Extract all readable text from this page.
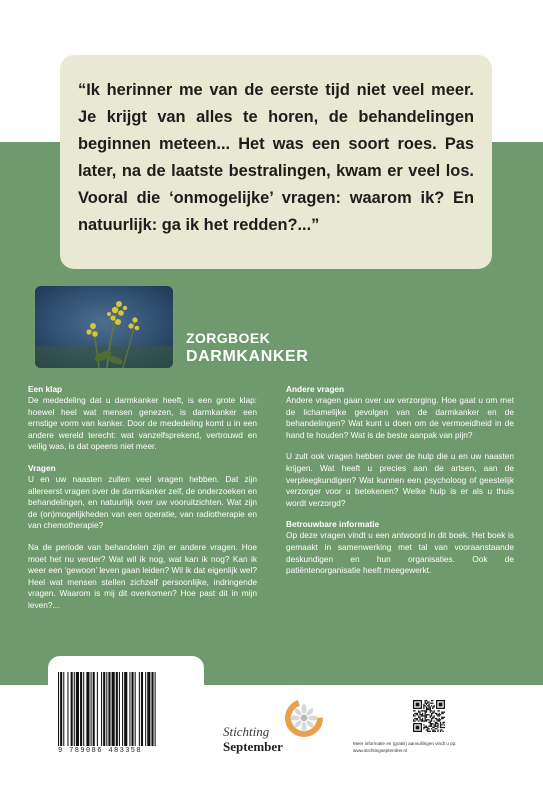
“Ik herinner me van de eerste tijd niet veel meer. Je krijgt van alles te horen, de behandelingen beginnen meteen... Het was een soort roes. Pas later, na de laatste bestralingen, kwam er veel los. Vooral die ‘onmogelijke’ vragen: waarom ik? En natuurlijk: ga ik het redden?...”

ZORGBOEK
DARMKANKER
Een klap

De mededeling dat u darmkanker heeft, is een grote klap: hoewel heel wat mensen genezen, is darmkanker een ernstige vorm van kanker. Door de mededeling komt u in een andere wereld terecht: wat vanzelfsprekend, vertrouwd en veilig was, is dat opeens niet meer.

Vragen

U en uw naasten zullen veel vragen hebben. Dat zijn allereerst vragen over de darmkanker zelf, de onderzoeken en behandelingen, en natuurlijk over uw vooruitzichten. Wat zijn de (on)mogelijkheden van een operatie, van radiotherapie en van chemotherapie?

Na de periode van behandelen zijn er andere vragen. Hoe moet het nu verder? Wat wil ik nog, wat kan ik nog? Kan ik weer een ‘gewoon’ leven gaan leiden? Wil ik dat eigenlijk wel? Heel wat mensen stellen zichzelf persoonlijke, indringende vragen. Waarom is mij dit overkomen? Hoe past dit in mijn leven?...

Andere vragen

Andere vragen gaan over uw verzorging. Hoe gaat u om met de lichamelijke gevolgen van de darmkanker en de behandelingen? Wat kunt u doen om de vermoeidheid in de hand te houden? Wat is de beste aanpak van pijn?

U zult ook vragen hebben over de hulp die u en uw naasten krijgen. Wat heeft u precies aan de artsen, aan de verpleegkundigen? Wat kunnen een psycholoog of geestelijk verzorger voor u betekenen? Welke hulp is er als u thuis wordt verzorgd?

Betrouwbare informatie

Op deze vragen vindt u een antwoord in dit boek. Het boek is gemaakt in samenwerking met tal van vooraanstaande deskundigen en hun organisaties. Ook de patiëntenorganisatie heeft meegewerkt.

9 789086 483358
Stichting
September	Meer informatie en (gratis) aanvullingen vindt u op:
www.stichtingseptember.nl
